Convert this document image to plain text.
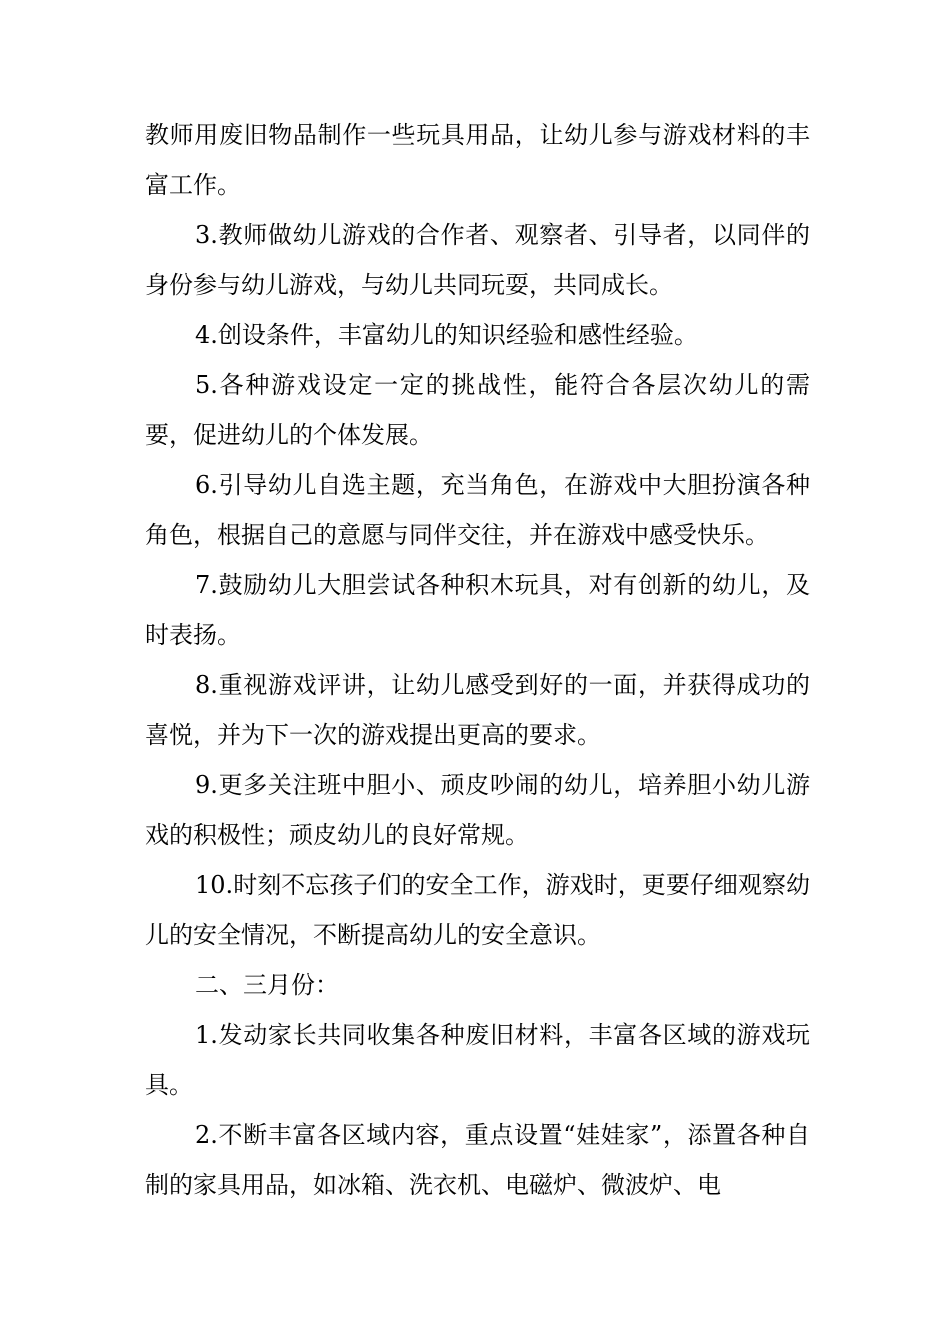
教师用废旧物品制作一些玩具用品，让幼儿参与游戏材料的丰富工作。

3.教师做幼儿游戏的合作者、观察者、引导者，以同伴的身份参与幼儿游戏，与幼儿共同玩耍，共同成长。

4.创设条件，丰富幼儿的知识经验和感性经验。

5.各种游戏设定一定的挑战性，能符合各层次幼儿的需要，促进幼儿的个体发展。

6.引导幼儿自选主题，充当角色，在游戏中大胆扮演各种角色，根据自己的意愿与同伴交往，并在游戏中感受快乐。

7.鼓励幼儿大胆尝试各种积木玩具，对有创新的幼儿，及时表扬。

8.重视游戏评讲，让幼儿感受到好的一面，并获得成功的喜悦，并为下一次的游戏提出更高的要求。

9.更多关注班中胆小、顽皮吵闹的幼儿，培养胆小幼儿游戏的积极性；顽皮幼儿的良好常规。

10.时刻不忘孩子们的安全工作，游戏时，更要仔细观察幼儿的安全情况，不断提高幼儿的安全意识。

二、三月份：

1.发动家长共同收集各种废旧材料，丰富各区域的游戏玩具。

2.不断丰富各区域内容，重点设置“娃娃家”，添置各种自制的家具用品，如冰箱、洗衣机、电磁炉、微波炉、电
